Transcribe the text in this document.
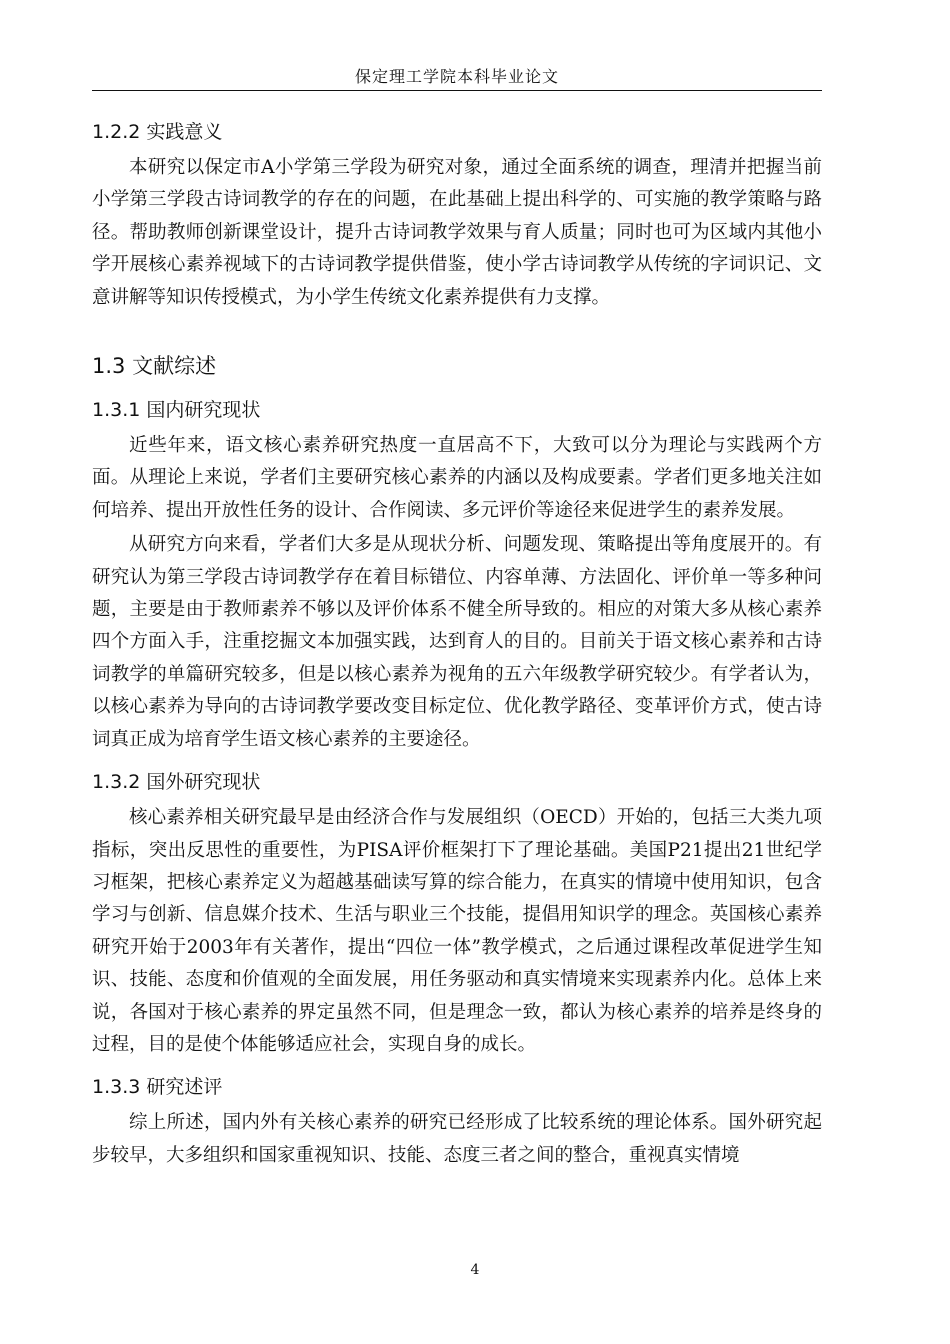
保定理工学院本科毕业论文
1.2.2 实践意义

本研究以保定市A小学第三学段为研究对象，通过全面系统的调查，理清并把握当前小学第三学段古诗词教学的存在的问题，在此基础上提出科学的、可实施的教学策略与路径。帮助教师创新课堂设计，提升古诗词教学效果与育人质量；同时也可为区域内其他小学开展核心素养视域下的古诗词教学提供借鉴，使小学古诗词教学从传统的字词识记、文意讲解等知识传授模式，为小学生传统文化素养提供有力支撑。

1.3 文献综述
1.3.1 国内研究现状

近些年来，语文核心素养研究热度一直居高不下，大致可以分为理论与实践两个方面。从理论上来说，学者们主要研究核心素养的内涵以及构成要素。学者们更多地关注如何培养、提出开放性任务的设计、合作阅读、多元评价等途径来促进学生的素养发展。

从研究方向来看，学者们大多是从现状分析、问题发现、策略提出等角度展开的。有研究认为第三学段古诗词教学存在着目标错位、内容单薄、方法固化、评价单一等多种问题，主要是由于教师素养不够以及评价体系不健全所导致的。相应的对策大多从核心素养四个方面入手，注重挖掘文本加强实践，达到育人的目的。目前关于语文核心素养和古诗词教学的单篇研究较多，但是以核心素养为视角的五六年级教学研究较少。有学者认为，以核心素养为导向的古诗词教学要改变目标定位、优化教学路径、变革评价方式，使古诗词真正成为培育学生语文核心素养的主要途径。

1.3.2 国外研究现状

核心素养相关研究最早是由经济合作与发展组织（OECD）开始的，包括三大类九项指标，突出反思性的重要性，为PISA评价框架打下了理论基础。美国P21提出21世纪学习框架，把核心素养定义为超越基础读写算的综合能力，在真实的情境中使用知识，包含学习与创新、信息媒介技术、生活与职业三个技能，提倡用知识学的理念。英国核心素养研究开始于2003年有关著作，提出“四位一体”教学模式，之后通过课程改革促进学生知识、技能、态度和价值观的全面发展，用任务驱动和真实情境来实现素养内化。总体上来说，各国对于核心素养的界定虽然不同，但是理念一致，都认为核心素养的培养是终身的过程，目的是使个体能够适应社会，实现自身的成长。

1.3.3 研究述评

综上所述，国内外有关核心素养的研究已经形成了比较系统的理论体系。国外研究起步较早，大多组织和国家重视知识、技能、态度三者之间的整合，重视真实情境

4
